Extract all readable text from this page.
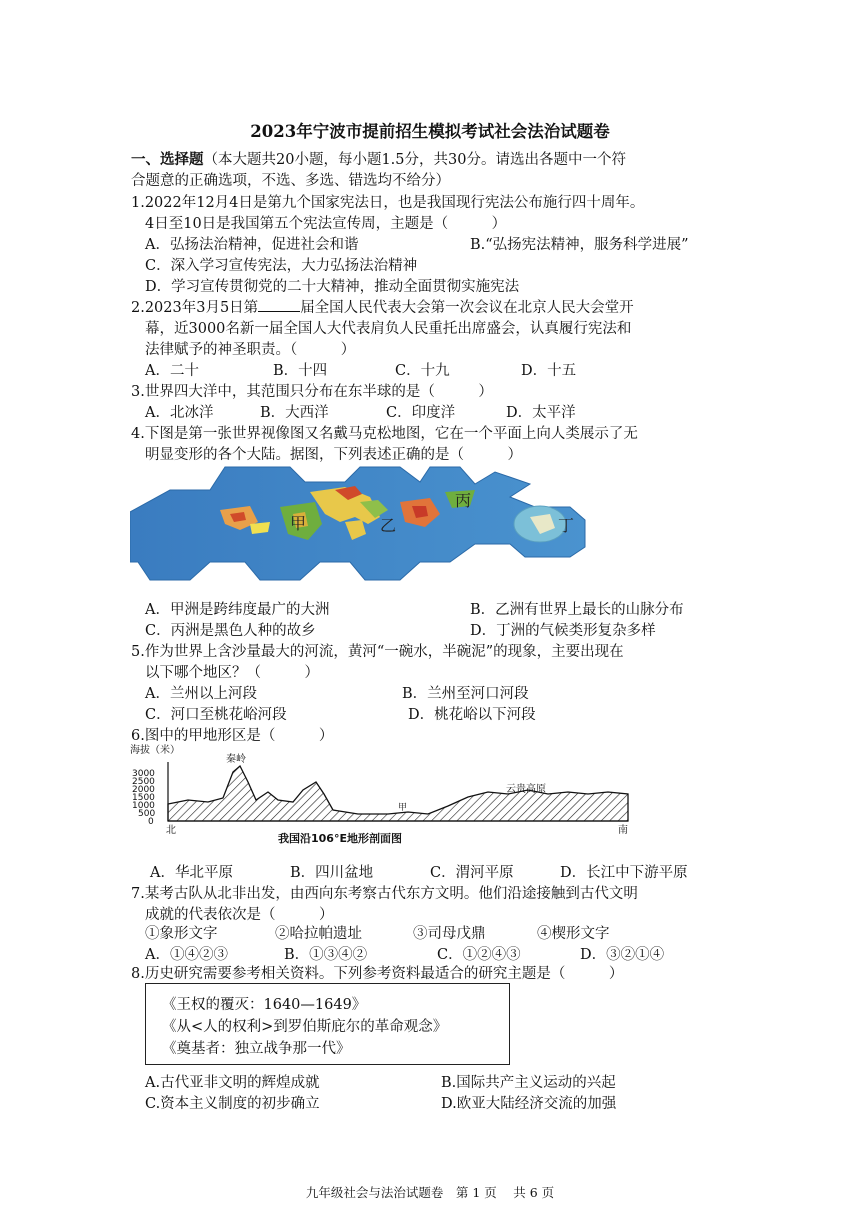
2023年宁波市提前招生模拟考试社会法治试题卷
一、选择题（本大题共20小题，每小题1.5分，共30分。请选出各题中一个符
合题意的正确选项，不选、多选、错选均不给分）
1.2022年12月4日是第九个国家宪法日，也是我国现行宪法公布施行四十周年。
4日至10日是我国第五个宪法宣传周，主题是（　　　）
A．弘扬法治精神，促进社会和谐	B.“弘扬宪法精神，服务科学进展”
C．深入学习宣传宪法，大力弘扬法治精神
D．学习宣传贯彻党的二十大精神，推动全面贯彻实施宪法
2.2023年3月5日第	届全国人民代表大会第一次会议在北京人民大会堂开
幕，近3000名新一届全国人大代表肩负人民重托出席盛会，认真履行宪法和
法律赋予的神圣职责。（　　　）
A．二十	B．十四	C．十九	D．十五
3.世界四大洋中，其范围只分布在东半球的是（　　　）
A．北冰洋	B．大西洋	C．印度洋	D．太平洋
4.下图是第一张世界视像图又名戴马克松地图，它在一个平面上向人类展示了无
明显变形的各个大陆。据图，下列表述正确的是（　　　）
甲	乙
丙
丁
A．甲洲是跨纬度最广的大洲	B．乙洲有世界上最长的山脉分布
C．丙洲是黑色人种的故乡	D．丁洲的气候类形复杂多样
5.作为世界上含沙量最大的河流，黄河“一碗水，半碗泥”的现象，主要出现在
以下哪个地区？（　　　）
A．兰州以上河段	B．兰州至河口河段
C．河口至桃花峪河段	D．桃花峪以下河段
6.图中的甲地形区是（　　　）
海拔（米）
3000
2500
2000
1500
1000
500
0
秦岭
云贵高原
甲
北	南
我国沿106°E地形剖面图
A．华北平原	B．四川盆地	C．渭河平原	D．长江中下游平原
7.某考古队从北非出发，由西向东考察古代东方文明。他们沿途接触到古代文明
成就的代表依次是（　　　）
①象形文字	②哈拉帕遗址	③司母戊鼎	④楔形文字
A．①④②③	B．①③④②	C．①②④③	D．③②①④
8.历史研究需要参考相关资料。下列参考资料最适合的研究主题是（　　　）
《王权的覆灭：1640—1649》
《从<人的权利>到罗伯斯庇尔的革命观念》
《奠基者：独立战争那一代》
A.古代亚非文明的辉煌成就	B.国际共产主义运动的兴起
C.资本主义制度的初步确立	D.欧亚大陆经济交流的加强
九年级社会与法治试题卷　第 1 页　 共 6 页
